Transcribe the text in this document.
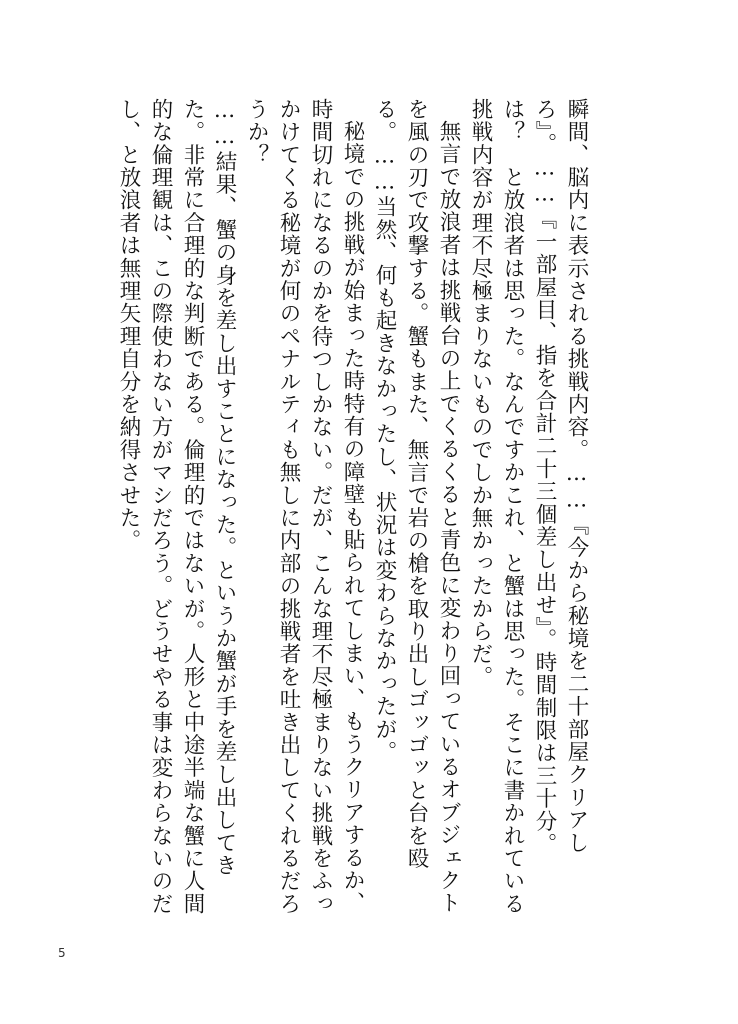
瞬間、脳内に表示される挑戦内容。……『今から秘境を二十部屋クリアしろ』。……『一部屋目、指を合計二十三個差し出せ』。時間制限は三十分。

は？　と放浪者は思った。なんですかこれ、と蟹は思った。そこに書かれている挑戦内容が理不尽極まりないものでしか無かったからだ。

無言で放浪者は挑戦台の上でくるくると青色に変わり回っているオブジェクトを風の刃で攻撃する。蟹もまた、無言で岩の槍を取り出しゴッゴッと台を殴る。……当然、何も起きなかったし、状況は変わらなかったが。

秘境での挑戦が始まった時特有の障壁も貼られてしまい、もうクリアするか、時間切れになるのかを待つしかない。だが、こんな理不尽極まりない挑戦をふっかけてくる秘境が何のペナルティも無しに内部の挑戦者を吐き出してくれるだろうか？

……結果、蟹の身を差し出すことになった。というか蟹が手を差し出してきた。非常に合理的な判断である。倫理的ではないが。人形と中途半端な蟹に人間的な倫理観は、この際使わない方がマシだろう。どうせやる事は変わらないのだし、と放浪者は無理矢理自分を納得させた。

5
